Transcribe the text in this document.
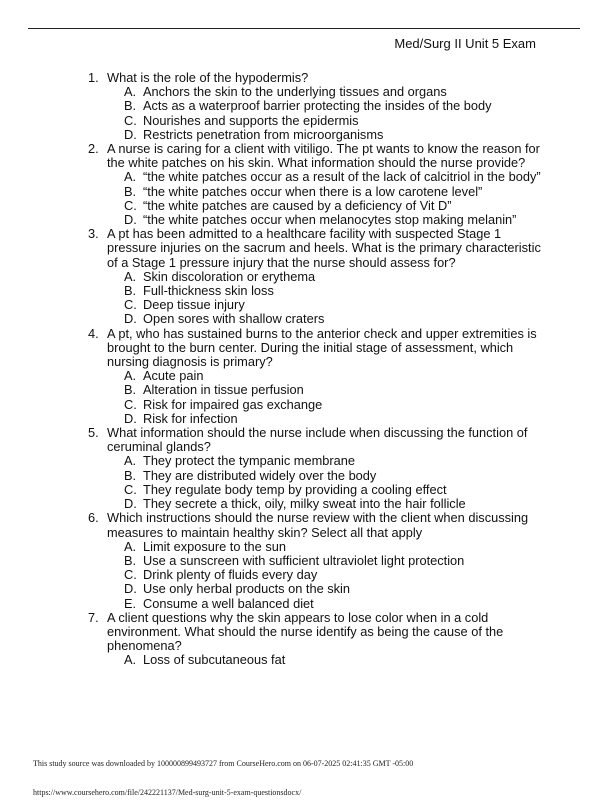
Med/Surg II Unit 5 Exam
1. What is the role of the hypodermis?
A. Anchors the skin to the underlying tissues and organs
B. Acts as a waterproof barrier protecting the insides of the body
C. Nourishes and supports the epidermis
D. Restricts penetration from microorganisms
2. A nurse is caring for a client with vitiligo. The pt wants to know the reason for the white patches on his skin. What information should the nurse provide?
A. “the white patches occur as a result of the lack of calcitriol in the body”
B. “the white patches occur when there is a low carotene level”
C. “the white patches are caused by a deficiency of Vit D”
D. “the white patches occur when melanocytes stop making melanin”
3. A pt has been admitted to a healthcare facility with suspected Stage 1 pressure injuries on the sacrum and heels. What is the primary characteristic of a Stage 1 pressure injury that the nurse should assess for?
A. Skin discoloration or erythema
B. Full-thickness skin loss
C. Deep tissue injury
D. Open sores with shallow craters
4. A pt, who has sustained burns to the anterior check and upper extremities is brought to the burn center. During the initial stage of assessment, which nursing diagnosis is primary?
A. Acute pain
B. Alteration in tissue perfusion
C. Risk for impaired gas exchange
D. Risk for infection
5. What information should the nurse include when discussing the function of ceruminal glands?
A. They protect the tympanic membrane
B. They are distributed widely over the body
C. They regulate body temp by providing a cooling effect
D. They secrete a thick, oily, milky sweat into the hair follicle
6. Which instructions should the nurse review with the client when discussing measures to maintain healthy skin? Select all that apply
A. Limit exposure to the sun
B. Use a sunscreen with sufficient ultraviolet light protection
C. Drink plenty of fluids every day
D. Use only herbal products on the skin
E. Consume a well balanced diet
7. A client questions why the skin appears to lose color when in a cold environment. What should the nurse identify as being the cause of the phenomena?
A. Loss of subcutaneous fat
This study source was downloaded by 100000899493727 from CourseHero.com on 06-07-2025 02:41:35 GMT -05:00
https://www.coursehero.com/file/242221137/Med-surg-unit-5-exam-questionsdocx/
